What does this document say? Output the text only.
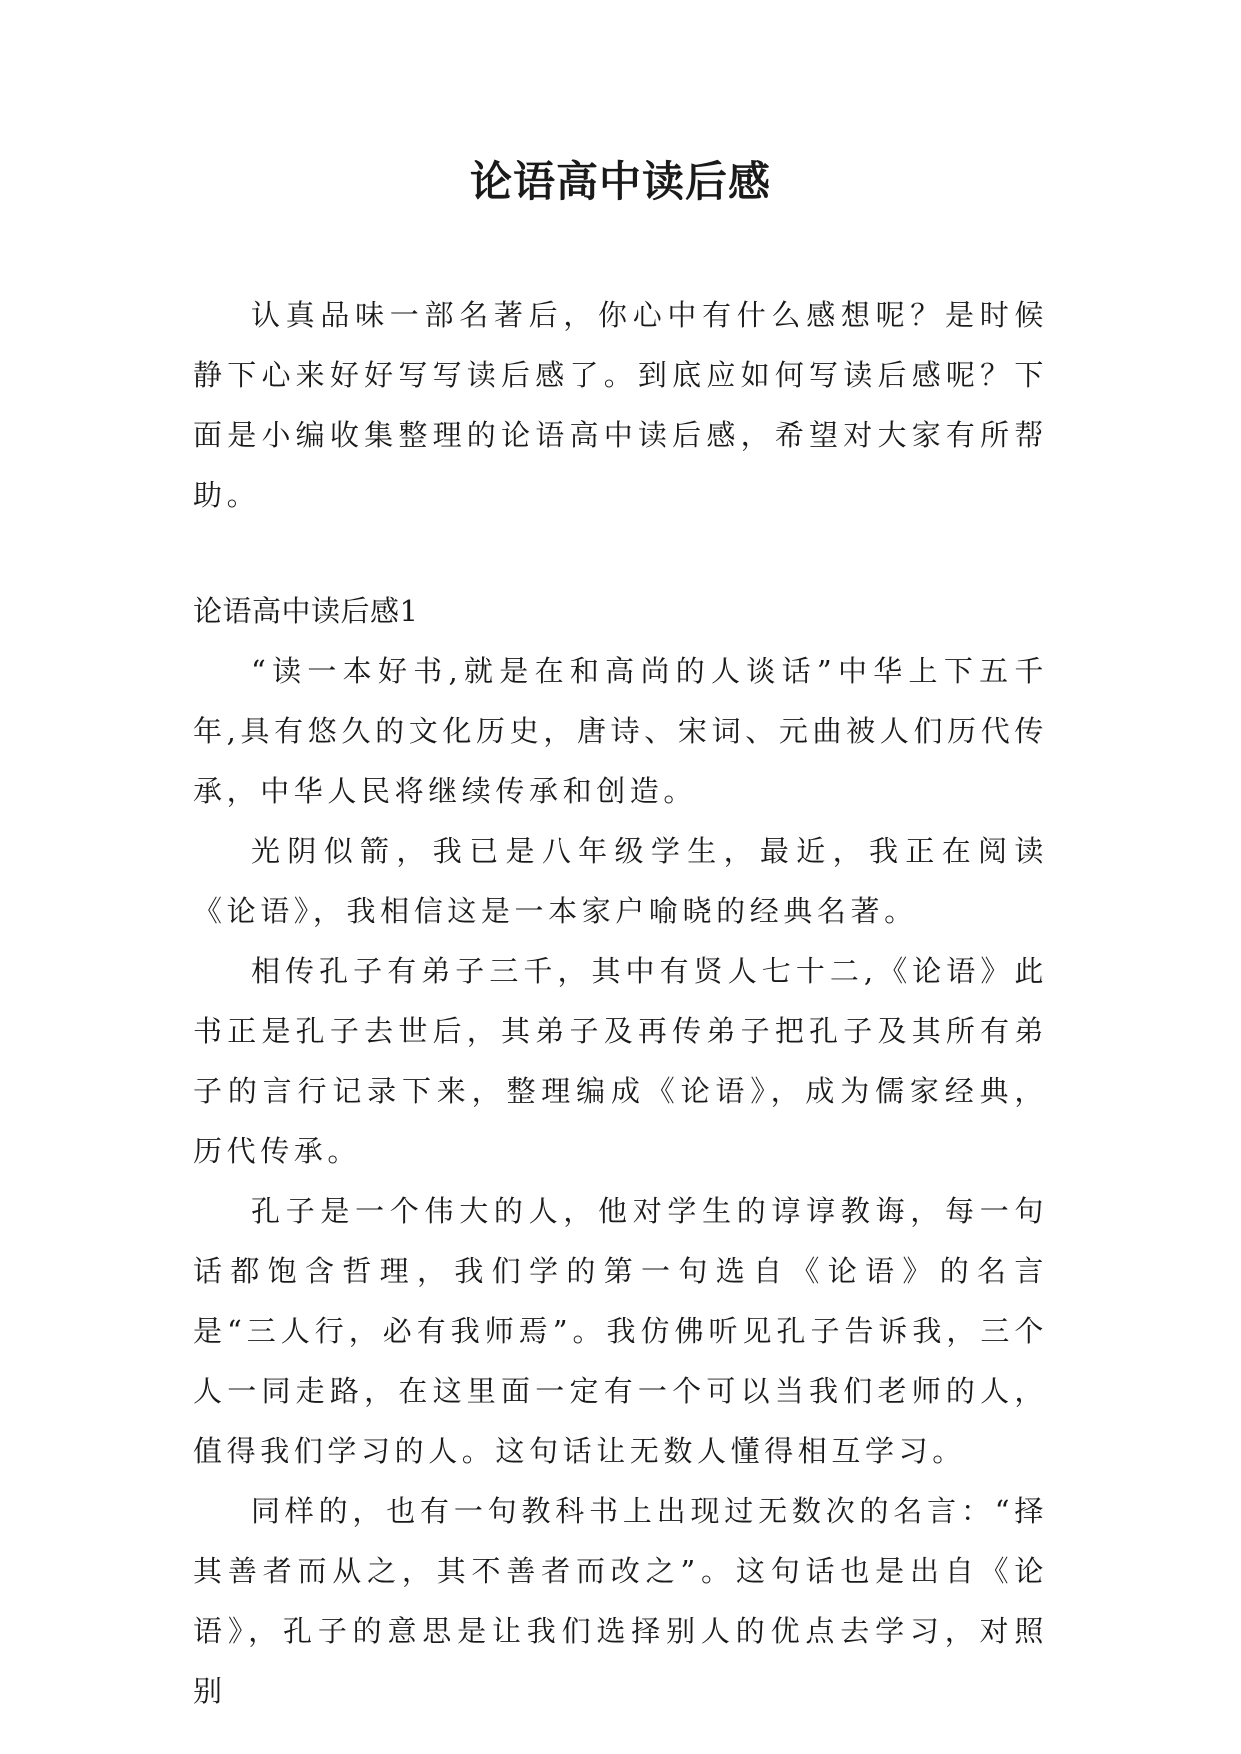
论语高中读后感

认真品味一部名著后，你心中有什么感想呢？是时候静下心来好好写写读后感了。到底应如何写读后感呢？下面是小编收集整理的论语高中读后感，希望对大家有所帮助。

论语高中读后感1

“读一本好书,就是在和高尚的人谈话”中华上下五千年,具有悠久的文化历史，唐诗、宋词、元曲被人们历代传承，中华人民将继续传承和创造。

光阴似箭，我已是八年级学生，最近，我正在阅读《论语》，我相信这是一本家户喻晓的经典名著。

相传孔子有弟子三千，其中有贤人七十二,《论语》此书正是孔子去世后，其弟子及再传弟子把孔子及其所有弟子的言行记录下来，整理编成《论语》，成为儒家经典，历代传承。

孔子是一个伟大的人，他对学生的谆谆教诲，每一句话都饱含哲理，我们学的第一句选自《论语》的名言是“三人行，必有我师焉”。我仿佛听见孔子告诉我，三个人一同走路，在这里面一定有一个可以当我们老师的人，值得我们学习的人。这句话让无数人懂得相互学习。

同样的，也有一句教科书上出现过无数次的名言：“择其善者而从之，其不善者而改之”。这句话也是出自《论语》，孔子的意思是让我们选择别人的优点去学习，对照别
